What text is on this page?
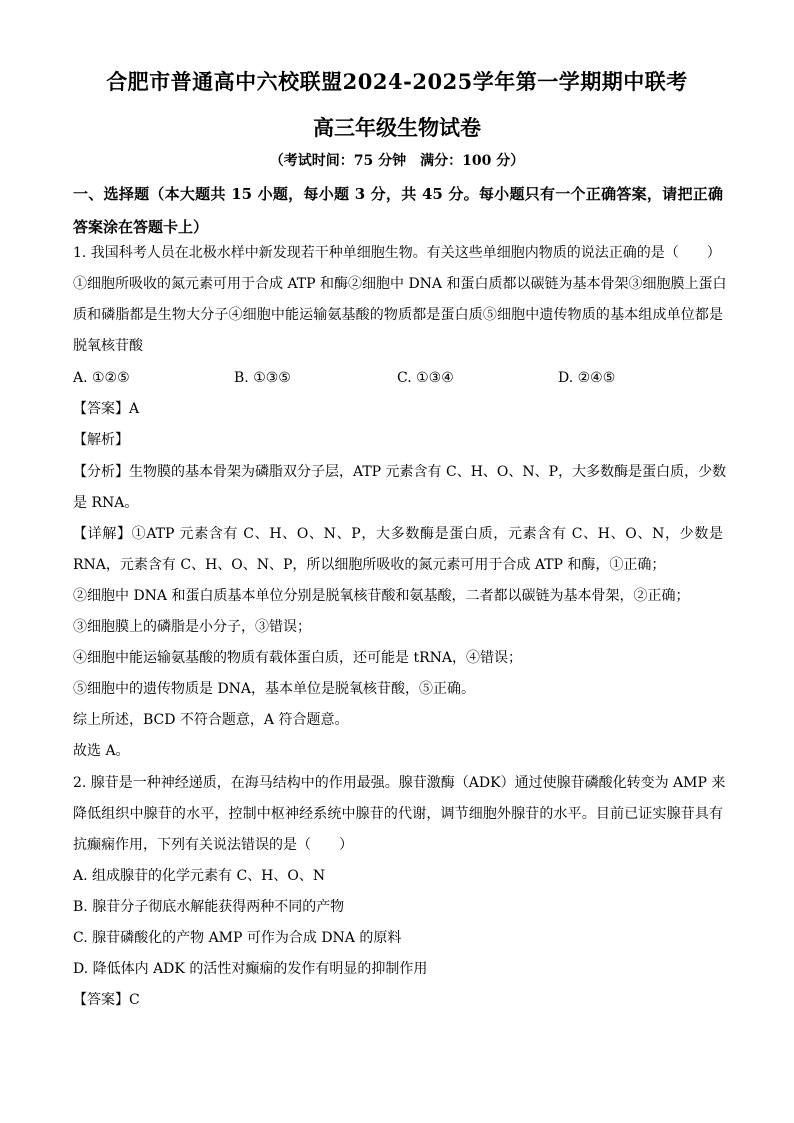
合肥市普通高中六校联盟2024-2025学年第一学期期中联考
高三年级生物试卷
（考试时间：75 分钟　满分：100 分）
一、选择题（本大题共 15 小题，每小题 3 分，共 45 分。每小题只有一个正确答案，请把正确答案涂在答题卡上）
1. 我国科考人员在北极水样中新发现若干种单细胞生物。有关这些单细胞内物质的说法正确的是（　　）
①细胞所吸收的氮元素可用于合成 ATP 和酶②细胞中 DNA 和蛋白质都以碳链为基本骨架③细胞膜上蛋白
质和磷脂都是生物大分子④细胞中能运输氨基酸的物质都是蛋白质⑤细胞中遗传物质的基本组成单位都是
脱氧核苷酸
A. ①②⑤	B. ①③⑤	C. ①③④	D. ②④⑤
【答案】A
【解析】
【分析】生物膜的基本骨架为磷脂双分子层，ATP 元素含有 C、H、O、N、P，大多数酶是蛋白质，少数
是 RNA。
【详解】①ATP 元素含有 C、H、O、N、P，大多数酶是蛋白质，元素含有 C、H、O、N，少数是
RNA，元素含有 C、H、O、N、P，所以细胞所吸收的氮元素可用于合成 ATP 和酶，①正确；
②细胞中 DNA 和蛋白质基本单位分别是脱氧核苷酸和氨基酸，二者都以碳链为基本骨架，②正确；
③细胞膜上的磷脂是小分子，③错误；
④细胞中能运输氨基酸的物质有载体蛋白质，还可能是 tRNA，④错误；
⑤细胞中的遗传物质是 DNA，基本单位是脱氧核苷酸，⑤正确。
综上所述，BCD 不符合题意，A 符合题意。
故选 A。
2. 腺苷是一种神经递质，在海马结构中的作用最强。腺苷激酶（ADK）通过使腺苷磷酸化转变为 AMP 来
降低组织中腺苷的水平，控制中枢神经系统中腺苷的代谢，调节细胞外腺苷的水平。目前已证实腺苷具有
抗癫痫作用，下列有关说法错误的是（　　）
A. 组成腺苷的化学元素有 C、H、O、N
B. 腺苷分子彻底水解能获得两种不同的产物
C. 腺苷磷酸化的产物 AMP 可作为合成 DNA 的原料
D. 降低体内 ADK 的活性对癫痫的发作有明显的抑制作用
【答案】C
